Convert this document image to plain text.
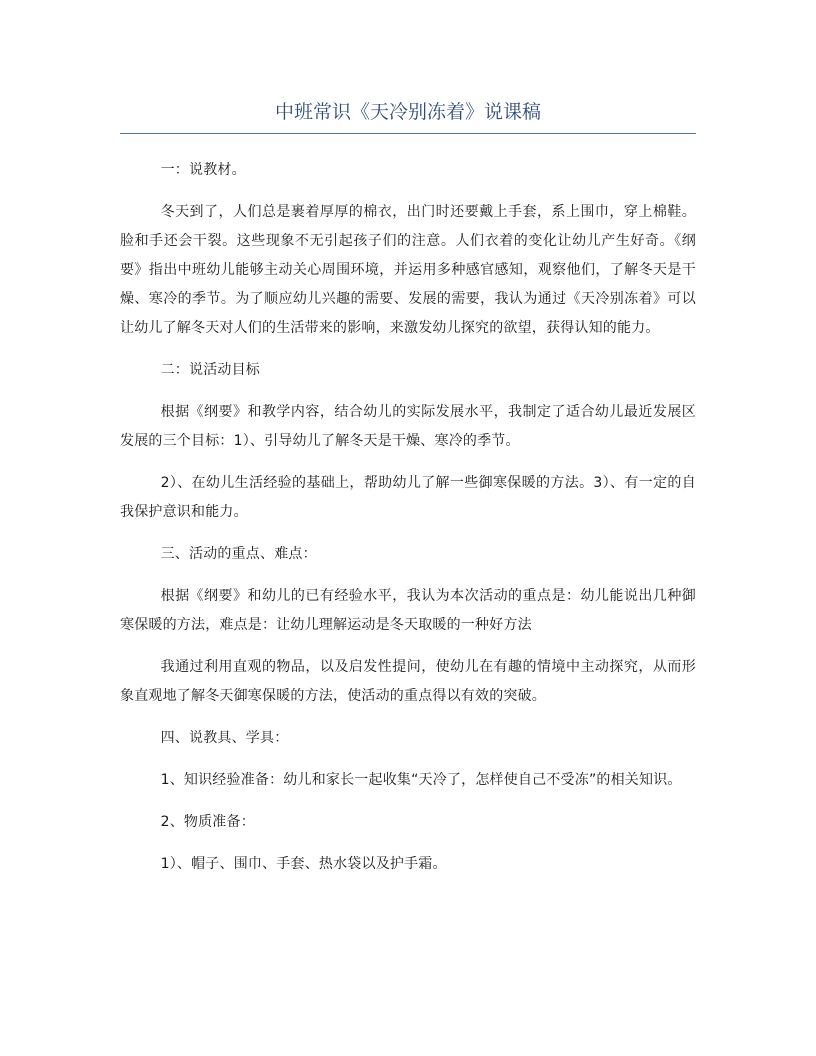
中班常识《天冷别冻着》说课稿

一：说教材。

冬天到了，人们总是裹着厚厚的棉衣，出门时还要戴上手套，系上围巾，穿上棉鞋。脸和手还会干裂。这些现象不无引起孩子们的注意。人们衣着的变化让幼儿产生好奇。《纲要》指出中班幼儿能够主动关心周围环境，并运用多种感官感知，观察他们，了解冬天是干燥、寒冷的季节。为了顺应幼儿兴趣的需要、发展的需要，我认为通过《天冷别冻着》可以让幼儿了解冬天对人们的生活带来的影响，来激发幼儿探究的欲望，获得认知的能力。

二：说活动目标

根据《纲要》和教学内容，结合幼儿的实际发展水平，我制定了适合幼儿最近发展区发展的三个目标：1）、引导幼儿了解冬天是干燥、寒冷的季节。

2）、在幼儿生活经验的基础上，帮助幼儿了解一些御寒保暖的方法。3）、有一定的自我保护意识和能力。

三、活动的重点、难点：

根据《纲要》和幼儿的已有经验水平，我认为本次活动的重点是：幼儿能说出几种御寒保暖的方法，难点是：让幼儿理解运动是冬天取暖的一种好方法

我通过利用直观的物品，以及启发性提问，使幼儿在有趣的情境中主动探究，从而形象直观地了解冬天御寒保暖的方法，使活动的重点得以有效的突破。

四、说教具、学具：

1、知识经验准备：幼儿和家长一起收集“天冷了，怎样使自己不受冻”的相关知识。

2、物质准备：

1）、帽子、围巾、手套、热水袋以及护手霜。
